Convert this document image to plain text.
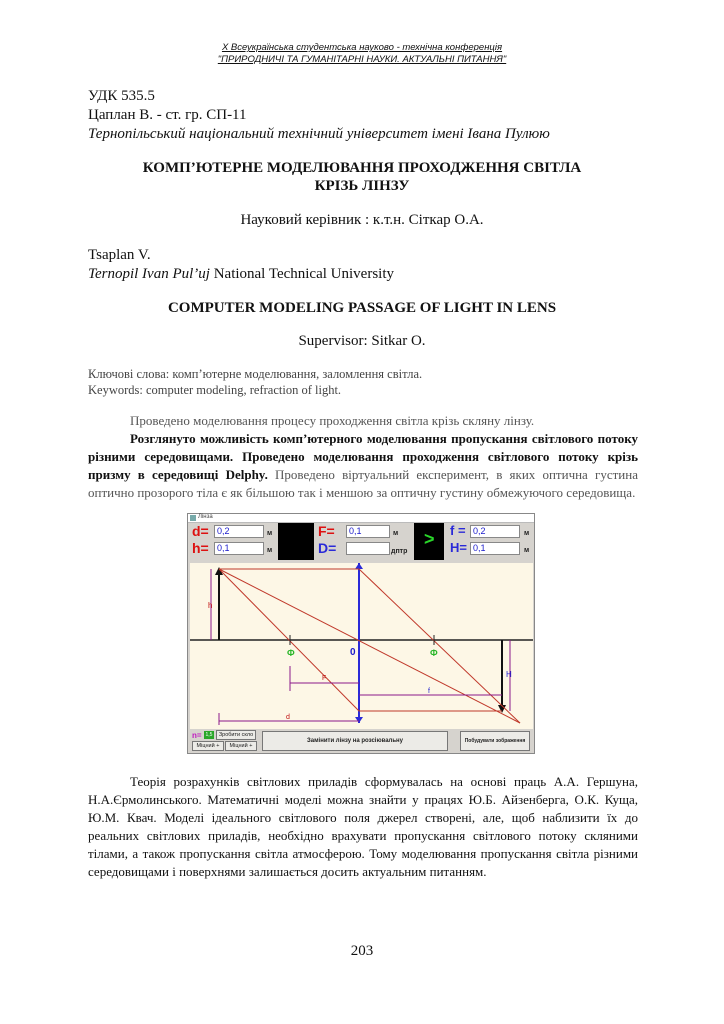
X Всеукраїнська студентська науково - технічна конференція
"ПРИРОДНИЧІ ТА ГУМАНІТАРНІ НАУКИ. АКТУАЛЬНІ ПИТАННЯ"
УДК 535.5
Цаплан В. - ст. гр. СП-11
Тернопільський національний технічний університет імені Івана Пулюю
КОМП’ЮТЕРНЕ МОДЕЛЮВАННЯ ПРОХОДЖЕННЯ СВІТЛА
КРІЗЬ ЛІНЗУ
Науковий керівник : к.т.н. Сіткар О.А.
Tsaplan V.
Ternopil Ivan Pul’uj National Technical University
COMPUTER MODELING PASSAGE OF LIGHT IN LENS
Supervisor: Sitkar O.
Ключові слова: комп’ютерне моделювання, заломлення світла.
Keywords: computer modeling, refraction of light.
Проведено моделювання процесу проходження світла крізь скляну лінзу.
Розглянуто можливість комп’ютерного моделювання пропускання світлового потоку різними середовищами. Проведено моделювання проходження світлового потоку крізь призму в середовищі Delphy. Проведено віртуальний експеримент, в яких оптична густина оптично прозорого тіла є як більшою так і меншою за оптичну густину обмежуючого середовища.
Лінза
d= 0,2	м
h= 0,1	м
F=	0,1	м
D=	дптр
> f = 0,2	м
H= 0,1	м
h
Ф	0	Ф
F
f
H
d
n= 1,5	Зробити скло
Міцний +	Міцний +
Замінити лінзу на розсіювальну	Побудувати зображення
Теорія розрахунків світлових приладів сформувалась на основі праць А.А. Гершуна, Н.А.Єрмолинського. Математичні моделі можна знайти у працях Ю.Б. Айзенберга, О.К. Куща, Ю.М. Квач. Моделі ідеального світлового поля джерел створені, але, щоб наблизити їх до реальних світлових приладів, необхідно врахувати пропускання світлового потоку скляними тілами, а також пропускання світла атмосферою. Тому моделювання пропускання світла різними середовищами і поверхнями залишається досить актуальним питанням.
203
